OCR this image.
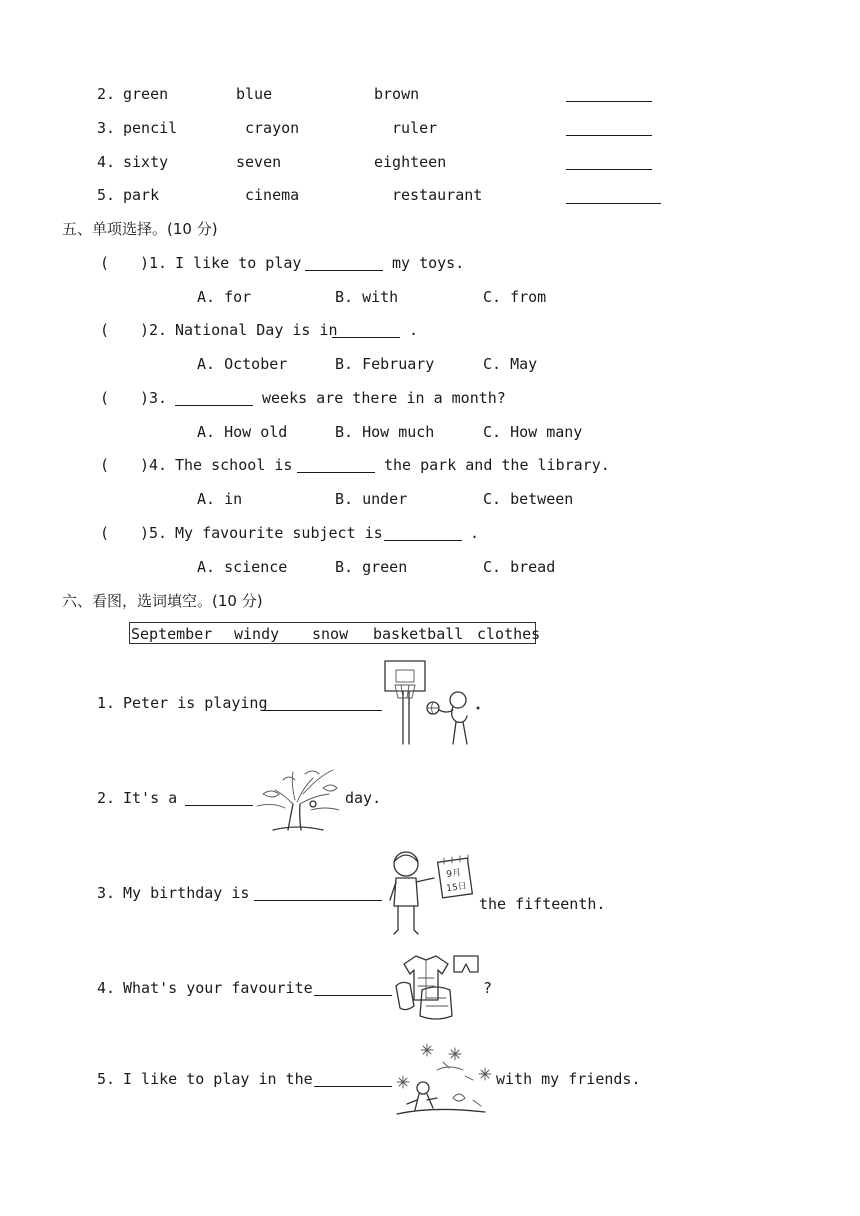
2. green	blue	brown
3. pencil	crayon	ruler
4. sixty	seven	eighteen
5. park	cinema	restaurant
五、单项选择。(10 分)
( )1. I like to play	my toys.
A. for	B. with	C. from
( )2. National Day is in	.
A. October	B. February	C. May
( )3.	weeks are there in a month?
A. How old	B. How much	C. How many
( )4. The school is	the park and the library.
A. in	B. under	C. between
( )5. My favourite subject is	.
A. science	B. green	C. bread
六、看图，选词填空。(10 分)
September windy snow basketball clothes
1. Peter is playing
2. It's a	day.
3. My birthday is
9月
15日
the fifteenth.
4. What's your favourite	?
5. I like to play in the	with my friends.
